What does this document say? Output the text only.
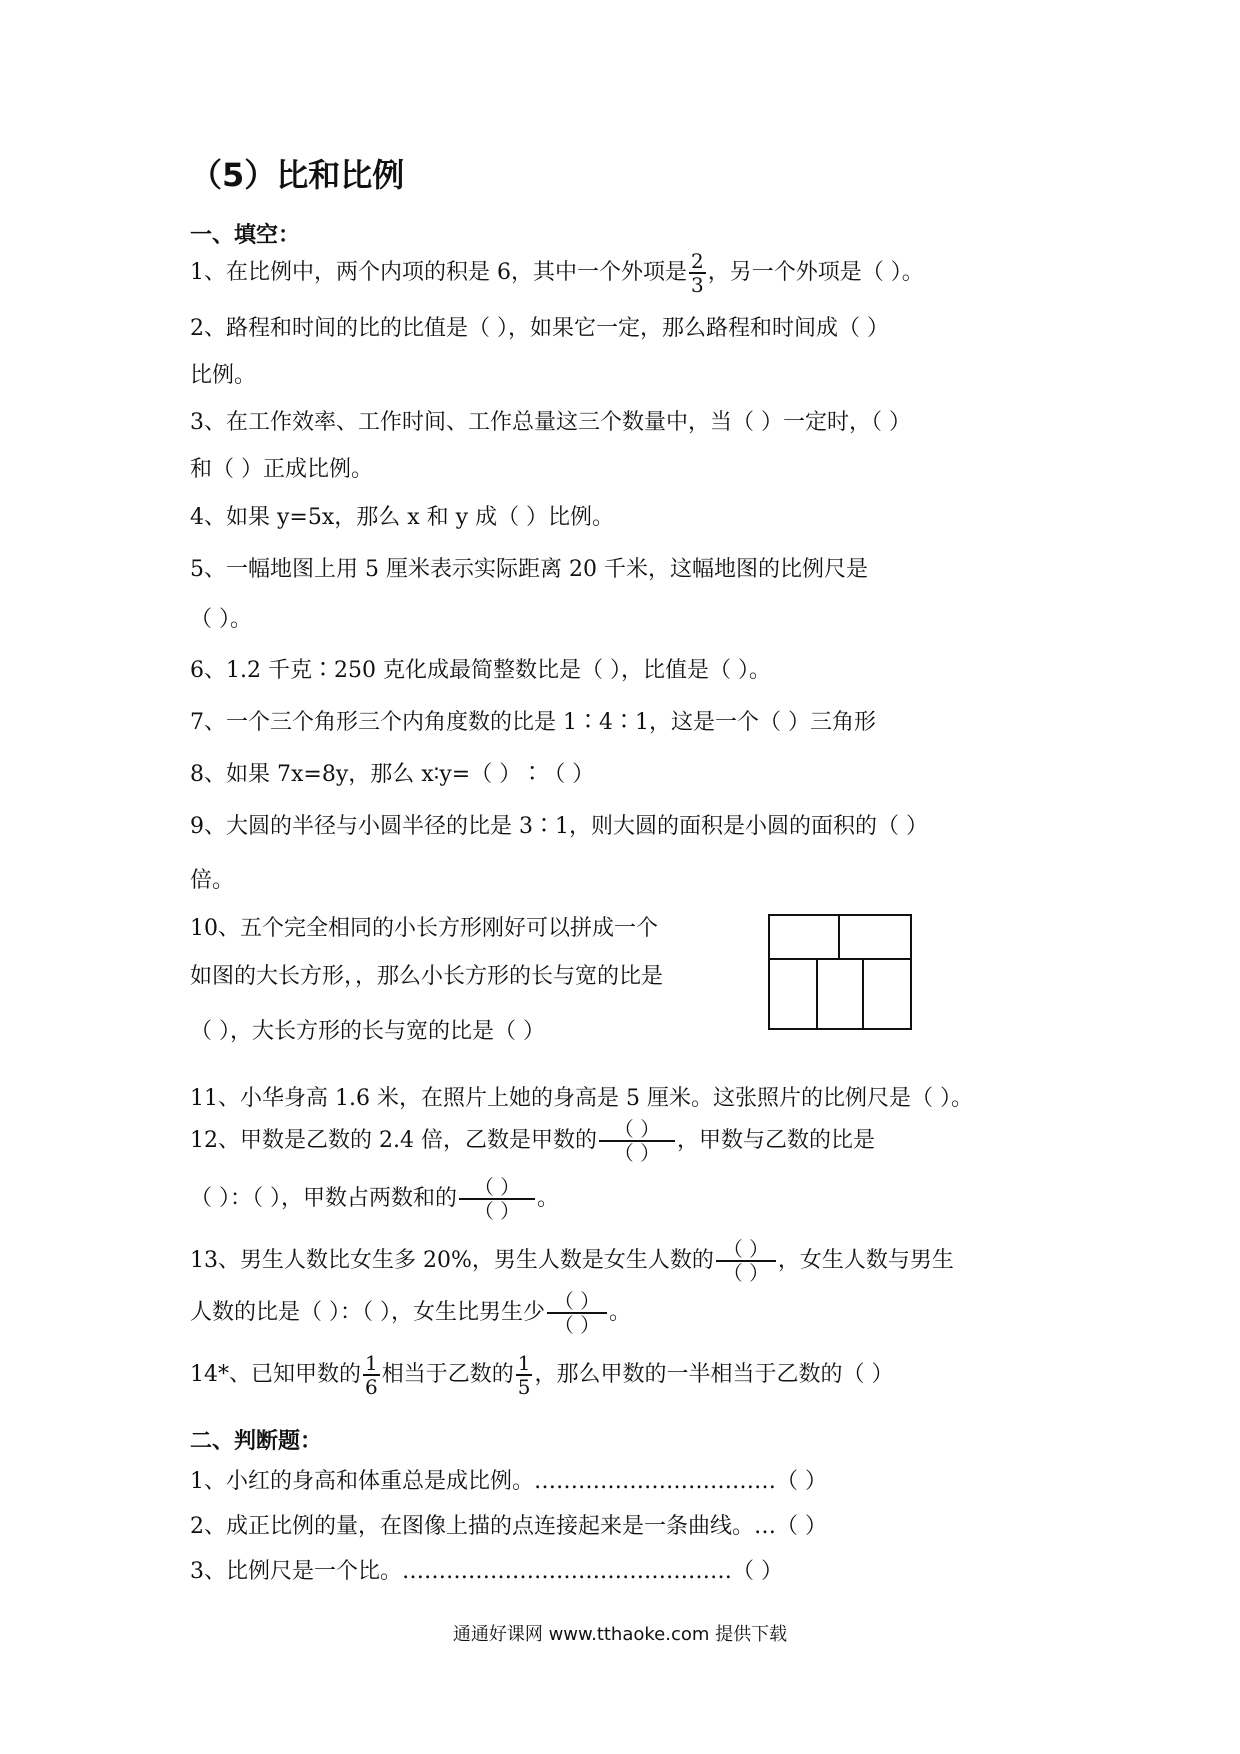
（5）比和比例
一、填空：
1、在比例中，两个内项的积是 6，其中一个外项是 $\frac{2}{3}$ ，另一个外项是（ ）。
2、路程和时间的比的比值是（ ），如果它一定，那么路程和时间成（ ）
比例。
3、在工作效率、工作时间、工作总量这三个数量中，当（ ）一定时，（ ）
和（ ）正成比例。
4、如果 y=5x，那么 x 和 y 成（ ）比例。
5、一幅地图上用 5 厘米表示实际距离 20 千米，这幅地图的比例尺是
（ ）。
6、1.2 千克∶250 克化成最简整数比是（ ），比值是（ ）。
7、一个三个角形三个内角度数的比是 1∶4∶1，这是一个（ ）三角形
8、如果 7x=8y，那么 x∶y=（ ）∶（ ）
9、大圆的半径与小圆半径的比是 3∶1，则大圆的面积是小圆的面积的（ ）
倍。
10、五个完全相同的小长方形刚好可以拼成一个
如图的大长方形，，那么小长方形的长与宽的比是
（ ），大长方形的长与宽的比是（ ）
11、小华身高 1.6 米，在照片上她的身高是 5 厘米。这张照片的比例尺是（ ）。
12、甲数是乙数的 2.4 倍，乙数是甲数的 $\frac{( )}{( )}$ ，甲数与乙数的比是
（ ）：（ ），甲数占两数和的 $\frac{( )}{( )}$ 。
13、男生人数比女生多 20%，男生人数是女生人数的 $\frac{( )}{( )}$ ，女生人数与男生
人数的比是（ ）：（ ），女生比男生少 $\frac{( )}{( )}$ 。
14*、已知甲数的 $\frac{1}{6}$ 相当于乙数的 $\frac{1}{5}$ ，那么甲数的一半相当于乙数的（ ）
二、判断题：
1、小红的身高和体重总是成比例。……………………………（ ）
2、成正比例的量，在图像上描的点连接起来是一条曲线。…（ ）
3、比例尺是一个比。………………………………………（ ）
通通好课网 www.tthaoke.com 提供下载
